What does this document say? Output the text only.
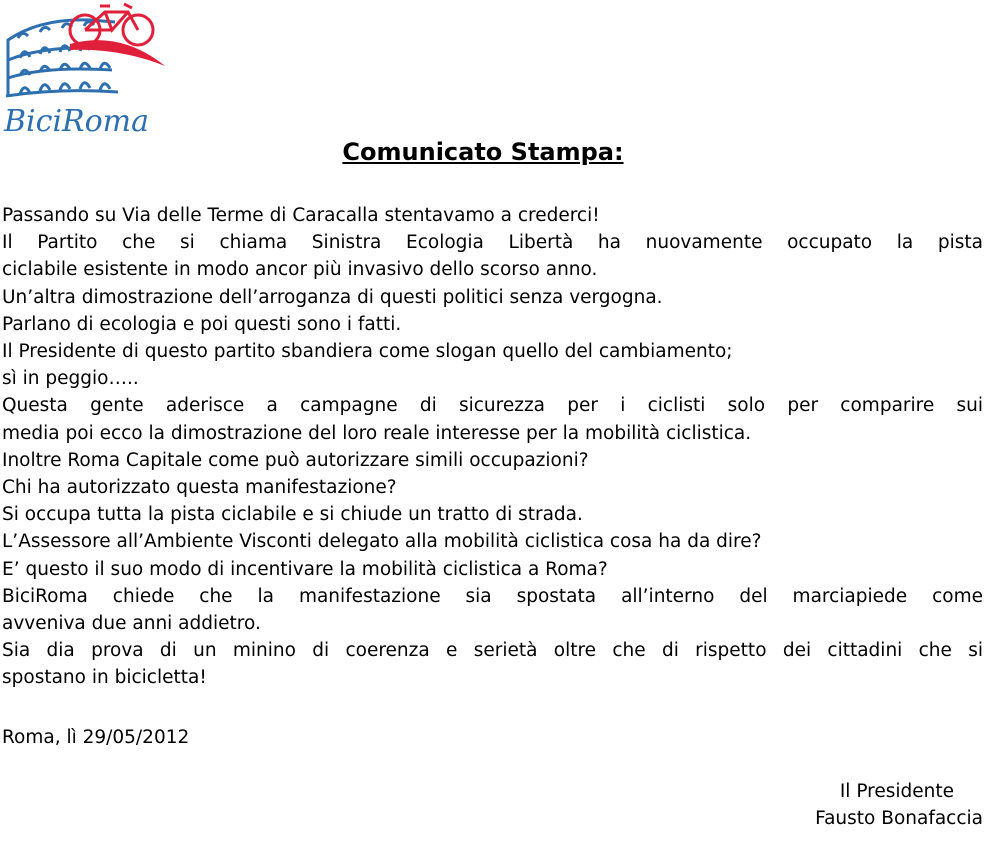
BiciRoma
Comunicato Stampa:

Passando su Via delle Terme di Caracalla stentavamo a crederci!

Il Partito che si chiama Sinistra Ecologia Libertà ha nuovamente occupato la pista

ciclabile esistente in modo ancor più invasivo dello scorso anno.

Un’altra dimostrazione dell’arroganza di questi politici senza vergogna.

Parlano di ecologia e poi questi sono i fatti.

Il Presidente di questo partito sbandiera come slogan quello del cambiamento;

sì in peggio…..

Questa gente aderisce a campagne di sicurezza per i ciclisti solo per comparire sui

media poi ecco la dimostrazione del loro reale interesse per la mobilità ciclistica.

Inoltre Roma Capitale come può autorizzare simili occupazioni?

Chi ha autorizzato questa manifestazione?

Si occupa tutta la pista ciclabile e si chiude un tratto di strada.

L’Assessore all’Ambiente Visconti delegato alla mobilità ciclistica cosa ha da dire?

E’ questo il suo modo di incentivare la mobilità ciclistica a Roma?

BiciRoma chiede che la manifestazione sia spostata all’interno del marciapiede come

avveniva due anni addietro.

Sia dia prova di un minino di coerenza e serietà oltre che di rispetto dei cittadini che si

spostano in bicicletta!

Roma, lì 29/05/2012

Il Presidente
Fausto Bonafaccia
